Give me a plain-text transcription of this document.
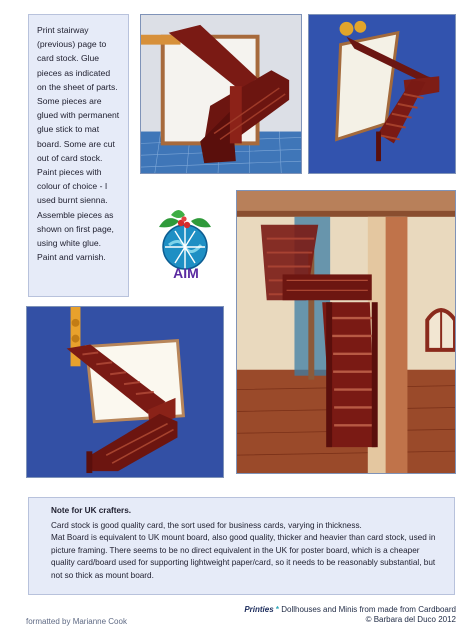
Print stairway (previous) page to card stock. Glue pieces as indicated on the sheet of parts. Some pieces are glued with permanent glue stick to mat board. Some are cut out of card stock. Paint pieces with colour of choice - I used burnt sienna. Assemble pieces as shown on first page, using white glue. Paint and varnish.
AIM

Note for UK crafters.

Card stock is good quality card, the sort used for business cards, varying in thickness.

Mat Board is equivalent to UK mount board, also good quality, thicker and heavier than card stock, used in picture framing. There seems to be no direct equivalent in the UK for poster board, which is a cheaper quality card/board used for supporting lightweight paper/card, so it needs to be reasonably substantial, but not so thick as mount board.

Printies * Dollhouses and Minis from made from Cardboard
© Barbara del Duco 2012
formatted by Marianne Cook
